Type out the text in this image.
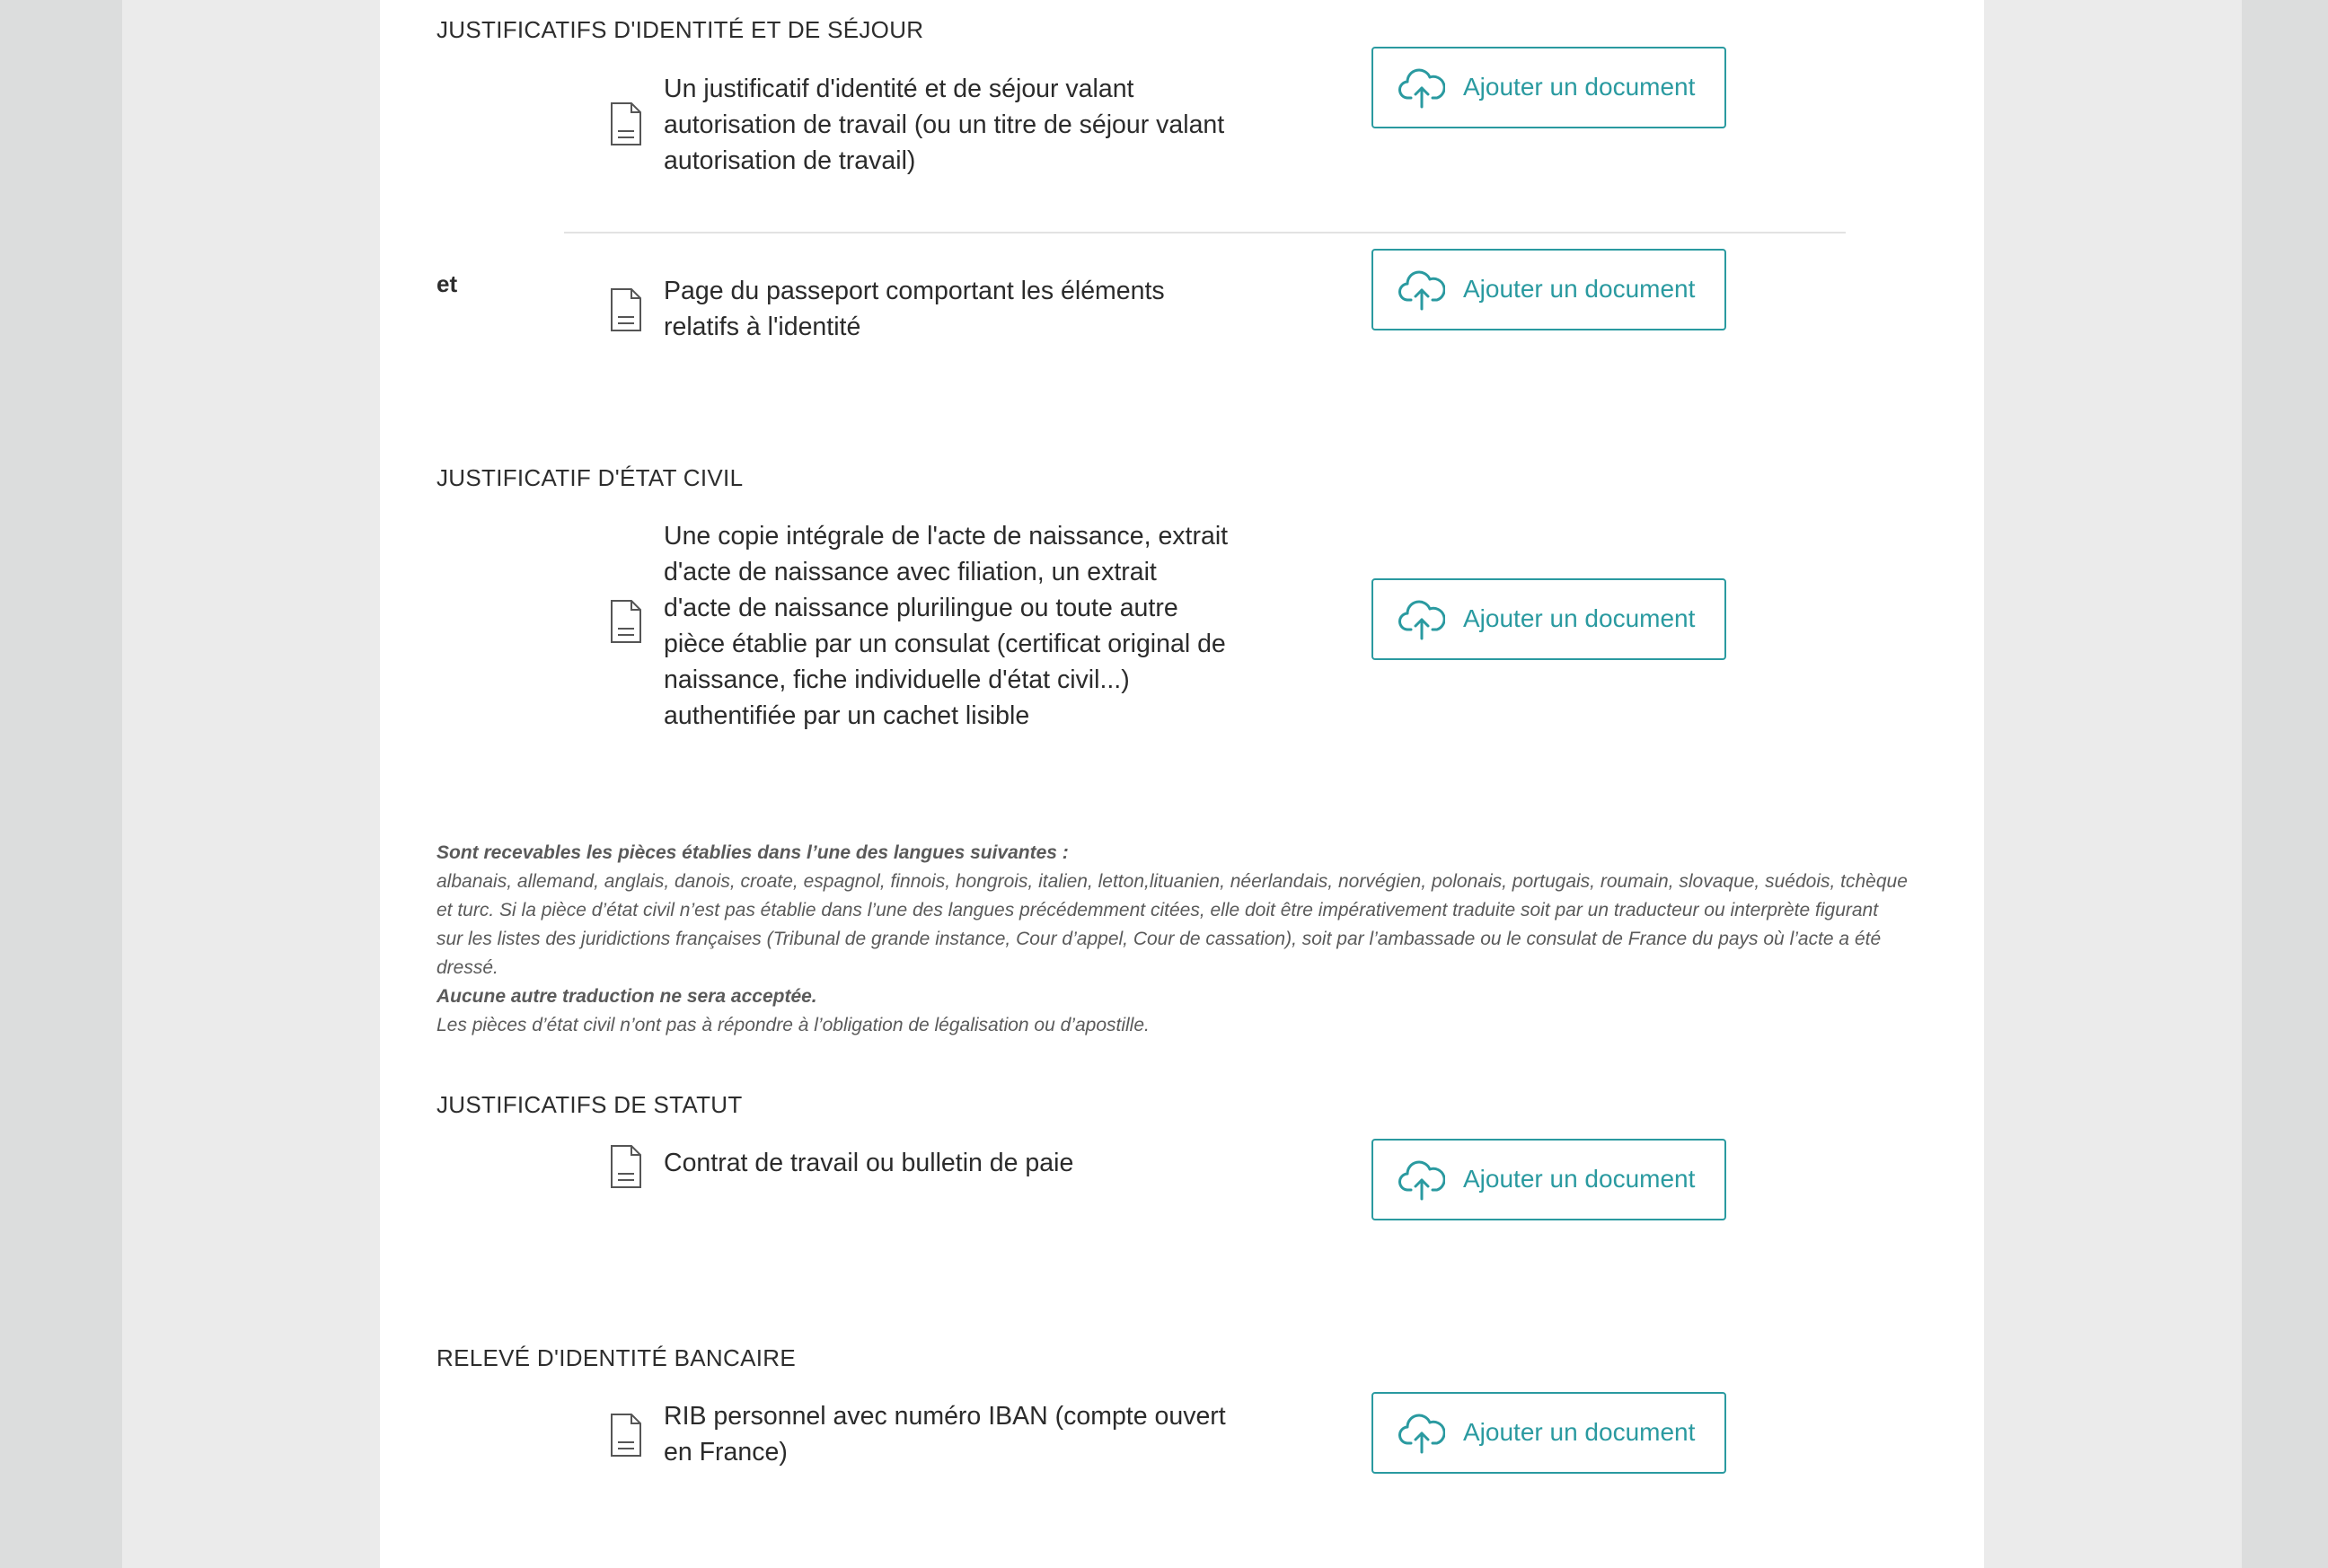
JUSTIFICATIFS D'IDENTITÉ ET DE SÉJOUR
Un justificatif d'identité et de séjour valant autorisation de travail (ou un titre de séjour valant autorisation de travail)
Ajouter un document
et	Page du passeport comportant les éléments relatifs à l'identité
Ajouter un document
JUSTIFICATIF D'ÉTAT CIVIL
Une copie intégrale de l'acte de naissance, extrait d'acte de naissance avec filiation, un extrait d'acte de naissance plurilingue ou toute autre pièce établie par un consulat (certificat original de naissance, fiche individuelle d'état civil...) authentifiée par un cachet lisible
Ajouter un document
Sont recevables les pièces établies dans l’une des langues suivantes :
albanais, allemand, anglais, danois, croate, espagnol, finnois, hongrois, italien, letton,lituanien, néerlandais, norvégien, polonais, portugais, roumain, slovaque, suédois, tchèque et turc. Si la pièce d’état civil n’est pas établie dans l’une des langues précédemment citées, elle doit être impérativement traduite soit par un traducteur ou interprète figurant sur les listes des juridictions françaises (Tribunal de grande instance, Cour d’appel, Cour de cassation), soit par l’ambassade ou le consulat de France du pays où l’acte a été dressé.
Aucune autre traduction ne sera acceptée.
Les pièces d’état civil n’ont pas à répondre à l’obligation de légalisation ou d’apostille.
JUSTIFICATIFS DE STATUT
Contrat de travail ou bulletin de paie
Ajouter un document
RELEVÉ D'IDENTITÉ BANCAIRE
RIB personnel avec numéro IBAN (compte ouvert en France)
Ajouter un document
